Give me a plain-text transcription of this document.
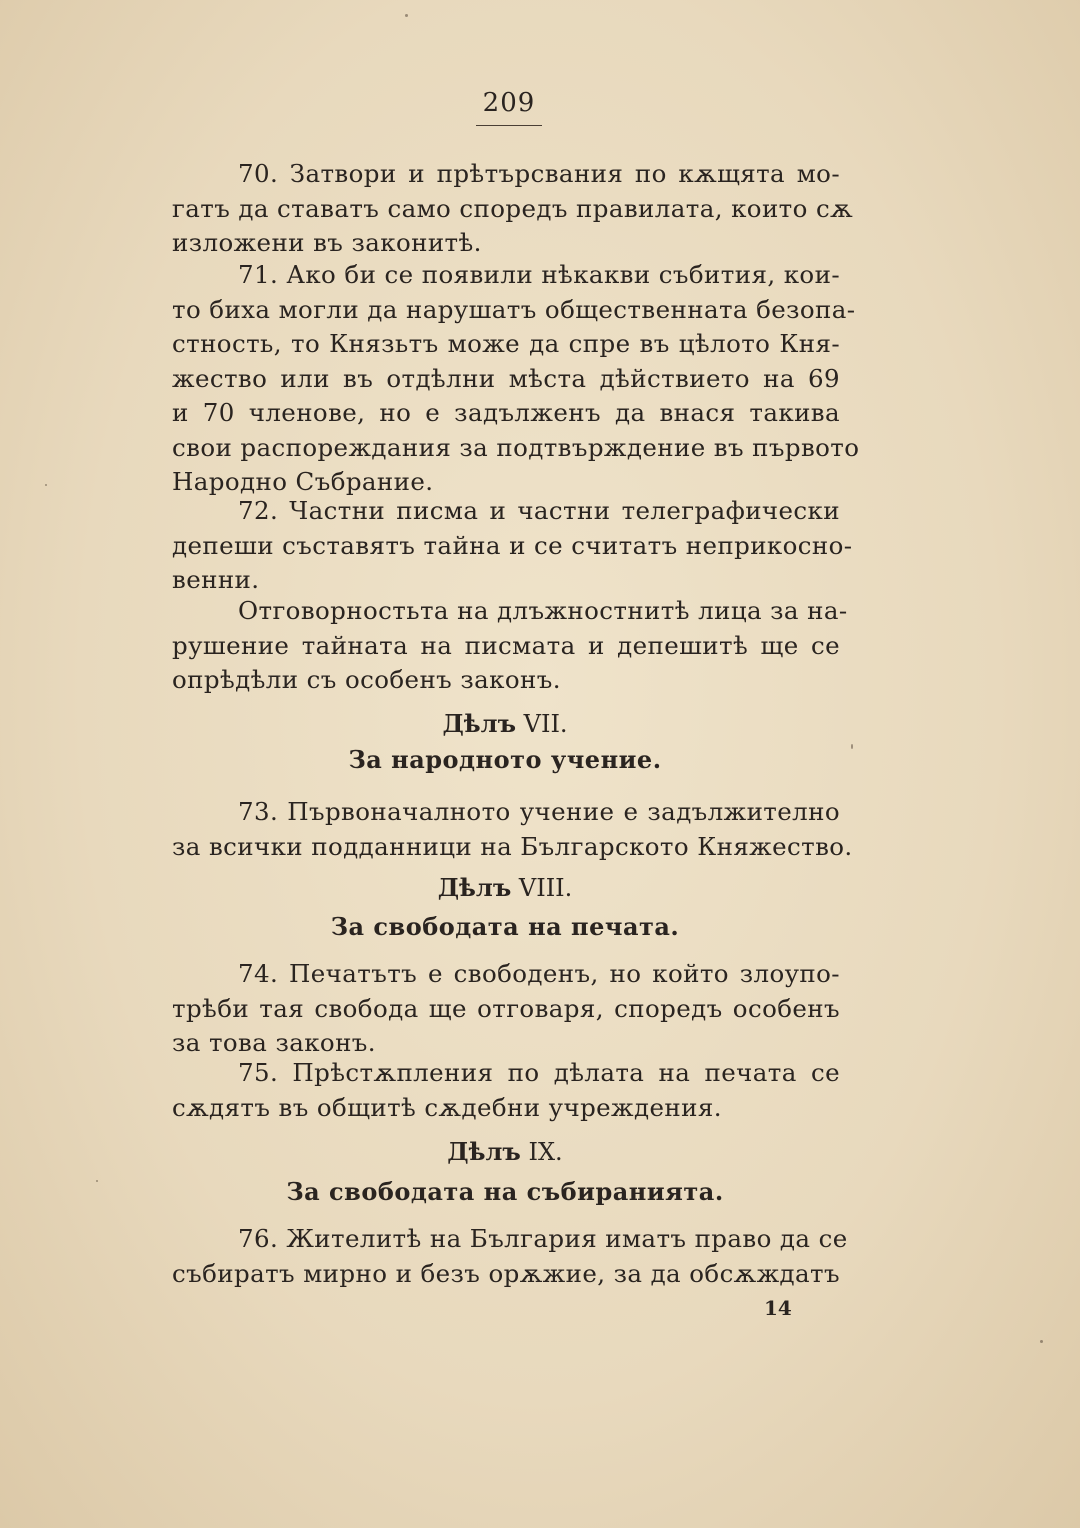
209
70. Затвори и прѣтърсвания по кѫщята мо-
гатъ да ставатъ само споредъ правилата, които сѫ
изложени въ законитѣ.
71. Ако би се появили нѣкакви събития, кои-
то биха могли да нарушатъ общественната безопа-
стность, то Князьтъ може да спре въ цѣлото Кня-
жество или въ отдѣлни мѣста дѣйствието на 69
и 70 членове, но е задълженъ да внася такива
свои распореждания за подтвърждение въ първото
Народно Събрание.
72. Частни писма и частни телеграфически
депеши съставятъ тайна и се считатъ неприкосно-
венни.
Отговорностьта на длъжностнитѣ лица за на-
рушение тайната на писмата и депешитѣ ще се
опрѣдѣли съ особенъ законъ.
Дѣлъ VII.
За народното учение.
73. Първоначалното учение е задължително
за всички подданници на Българското Княжество.
Дѣлъ VIII.
За свободата на печата.
74. Печатътъ е свободенъ, но който злоупо-
трѣби тая свобода ще отговаря, споредъ особенъ
за това законъ.
75. Прѣстѫпления по дѣлата на печата се
сѫдятъ въ общитѣ сѫдебни учреждения.
Дѣлъ IX.
За свободата на събиранията.
76. Жителитѣ на България иматъ право да се
събиратъ мирно и безъ орѫжие, за да обсѫждатъ
14
